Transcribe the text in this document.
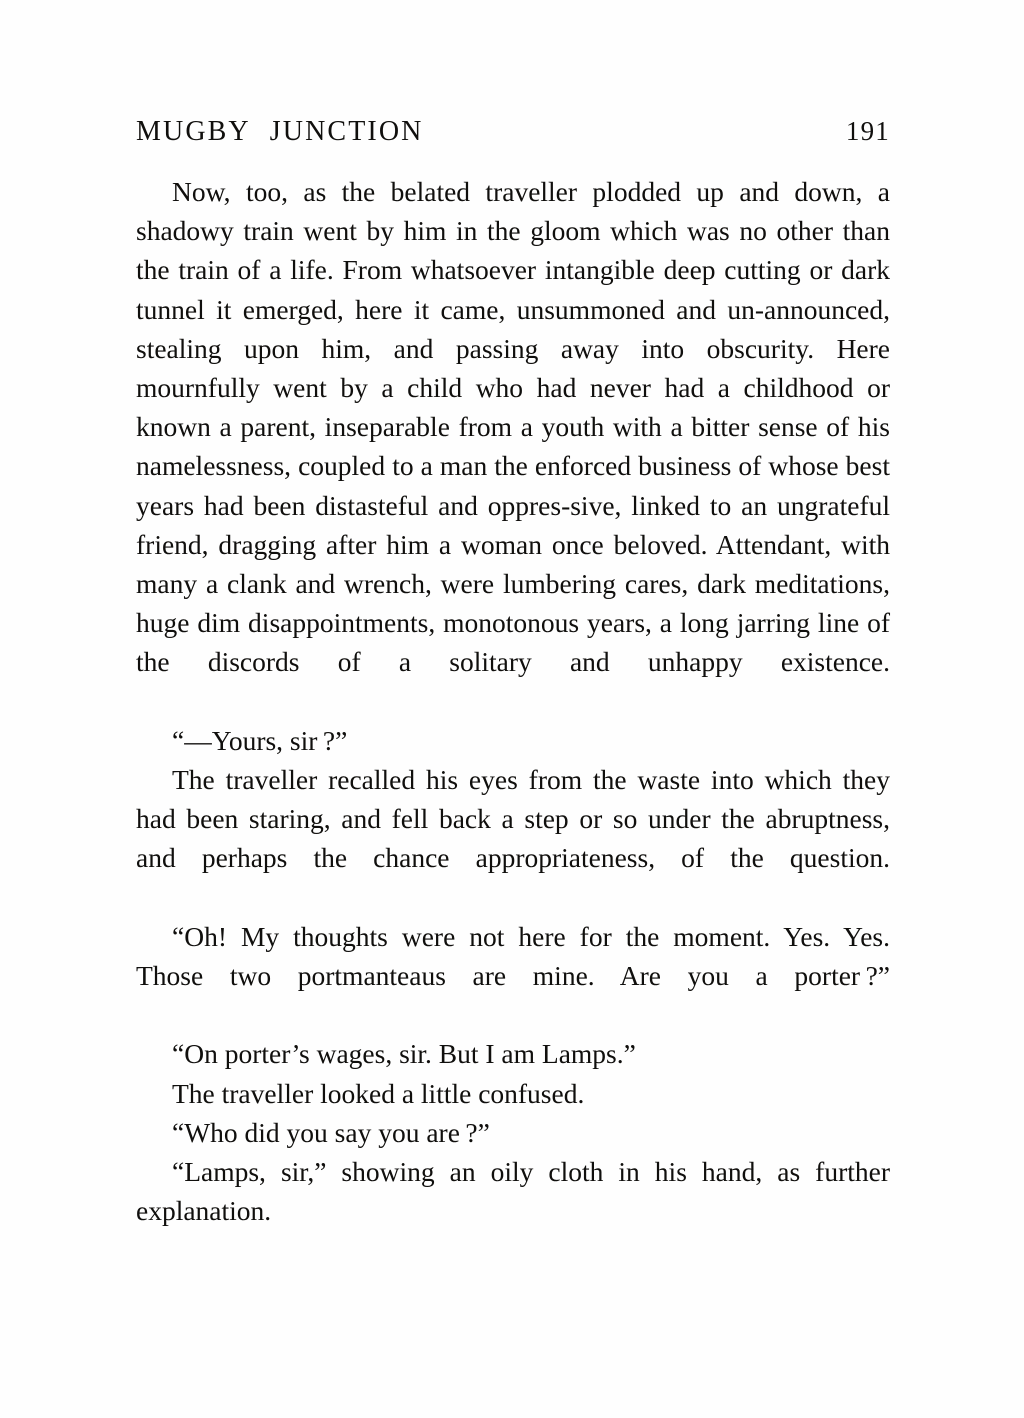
MUGBY JUNCTION	191

Now, too, as the belated traveller plodded up and down, a shadowy train went by him in the gloom which was no other than the train of a life. From whatsoever intangible deep cutting or dark tunnel it emerged, here it came, unsummoned and un-announced, stealing upon him, and passing away into obscurity. Here mournfully went by a child who had never had a childhood or known a parent, inseparable from a youth with a bitter sense of his namelessness, coupled to a man the enforced business of whose best years had been distasteful and oppres-sive, linked to an ungrateful friend, dragging after him a woman once beloved. Attendant, with many a clank and wrench, were lumbering cares, dark meditations, huge dim disappointments, monotonous years, a long jarring line of the discords of a solitary and unhappy existence.

“—Yours, sir ?”

The traveller recalled his eyes from the waste into which they had been staring, and fell back a step or so under the abruptness, and perhaps the chance appropriateness, of the question.

“Oh! My thoughts were not here for the moment. Yes. Yes. Those two portmanteaus are mine. Are you a porter ?”

“On porter’s wages, sir. But I am Lamps.”

The traveller looked a little confused.

“Who did you say you are ?”

“Lamps, sir,” showing an oily cloth in his hand, as further explanation.
